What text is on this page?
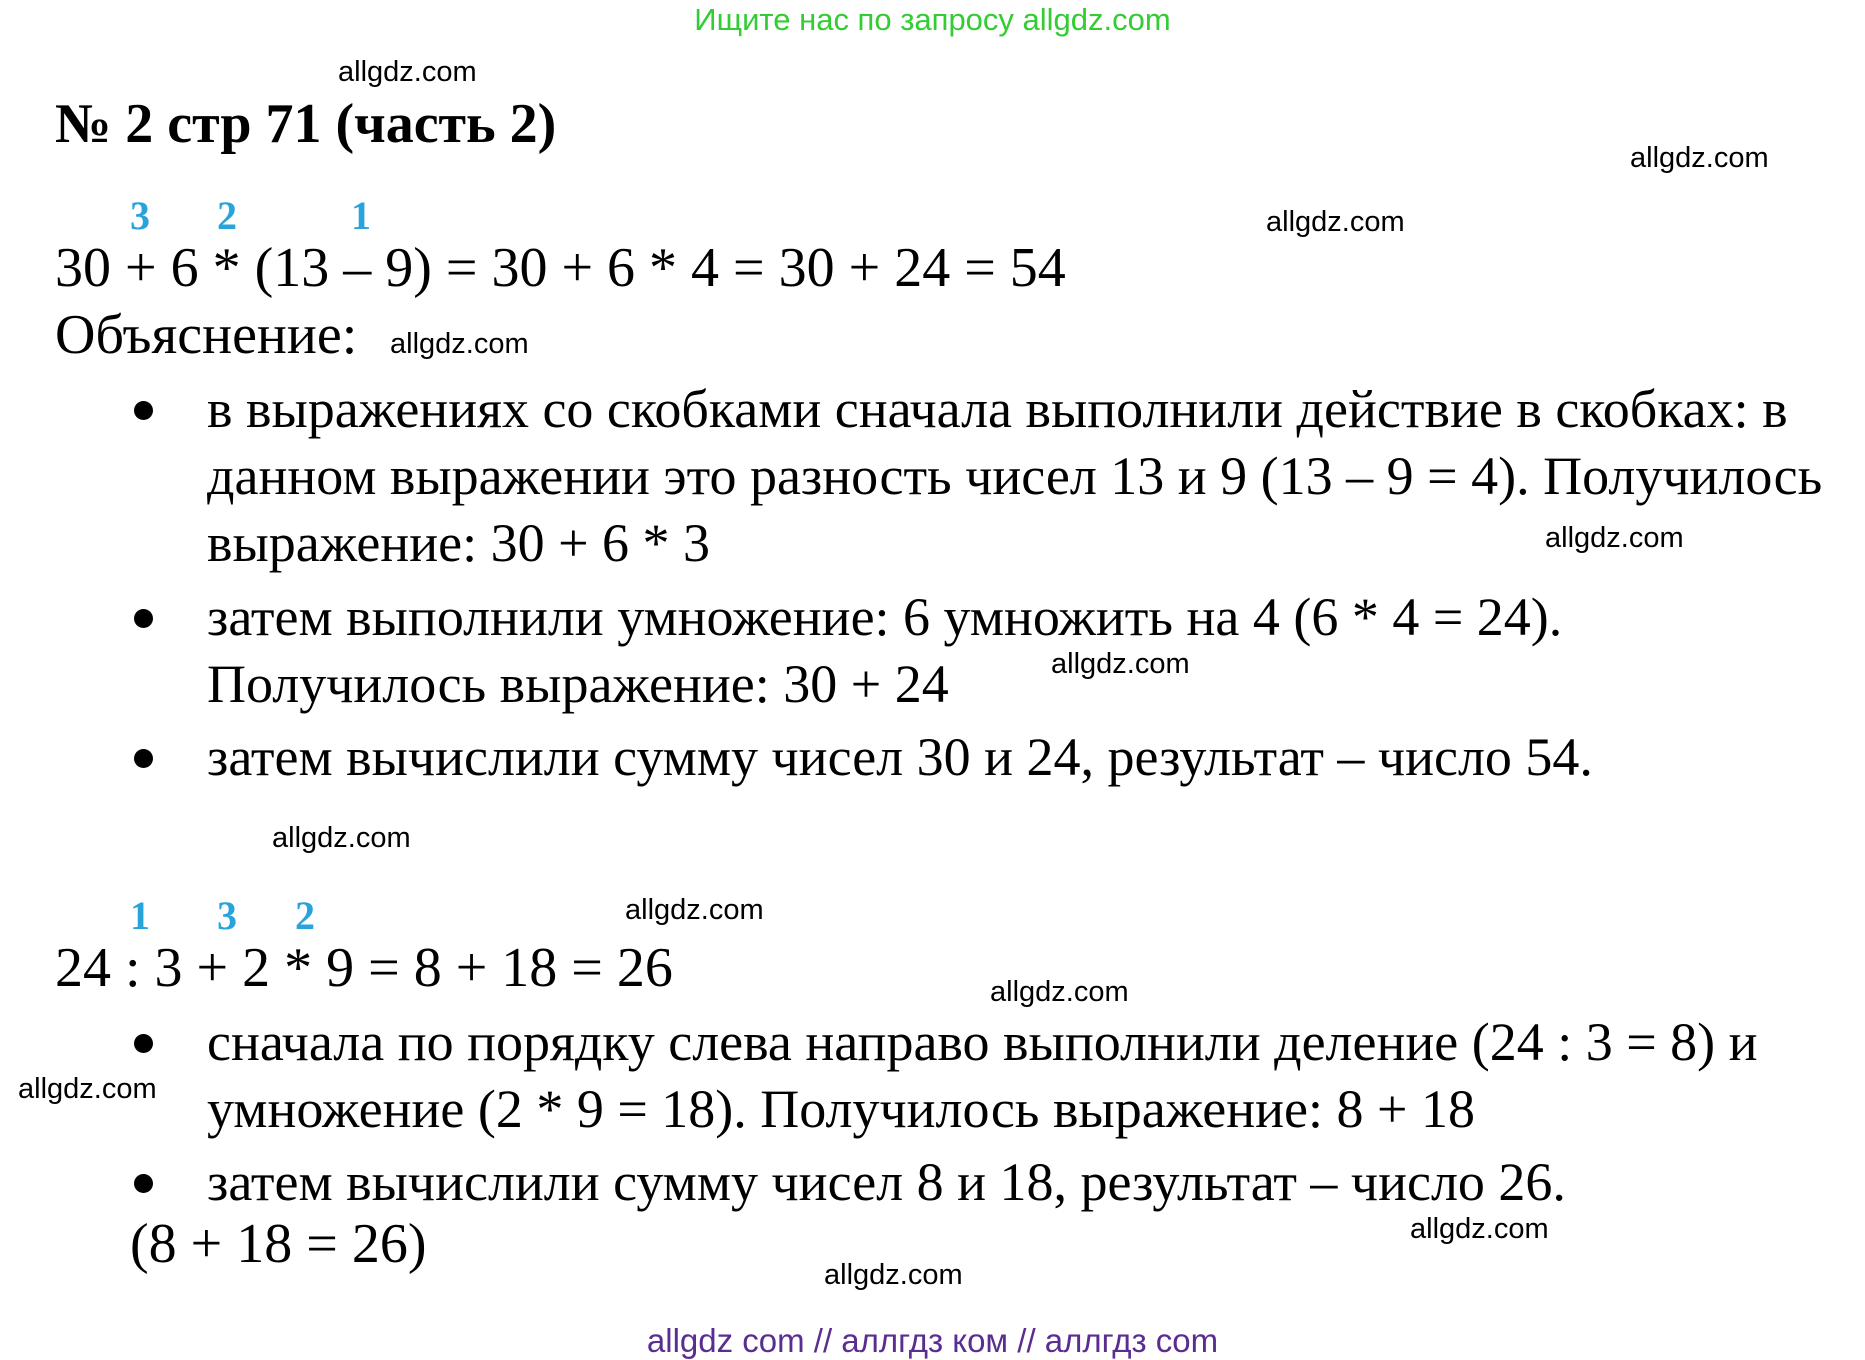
Ищите нас по запросу allgdz.com
№ 2 стр 71 (часть 2)
3 2	1
30 + 6 * (13 – 9) = 30 + 6 * 4 = 30 + 24 = 54
Объяснение:
в выражениях со скобками сначала выполнили действие в скобках: в данном выражении это разность чисел 13 и 9 (13 – 9 = 4). Получилось выражение: 30 + 6 * 3
затем выполнили умножение: 6 умножить на 4 (6 * 4 = 24). Получилось выражение: 30 + 24
затем вычислили сумму чисел 30 и 24, результат – число 54.
1 3 2
24 : 3 + 2 * 9 = 8 + 18 = 26
сначала по порядку слева направо выполнили деление (24 : 3 = 8) и умножение (2 * 9 = 18). Получилось выражение: 8 + 18
затем вычислили сумму чисел 8 и 18, результат – число 26.
(8 + 18 = 26)
allgdz.com
allgdz.com
allgdz.com
allgdz.com
allgdz.com
allgdz.com
allgdz.com
allgdz.com
allgdz.com
allgdz.com
allgdz.com
allgdz.com
allgdz com // аллгдз ком // аллгдз com
